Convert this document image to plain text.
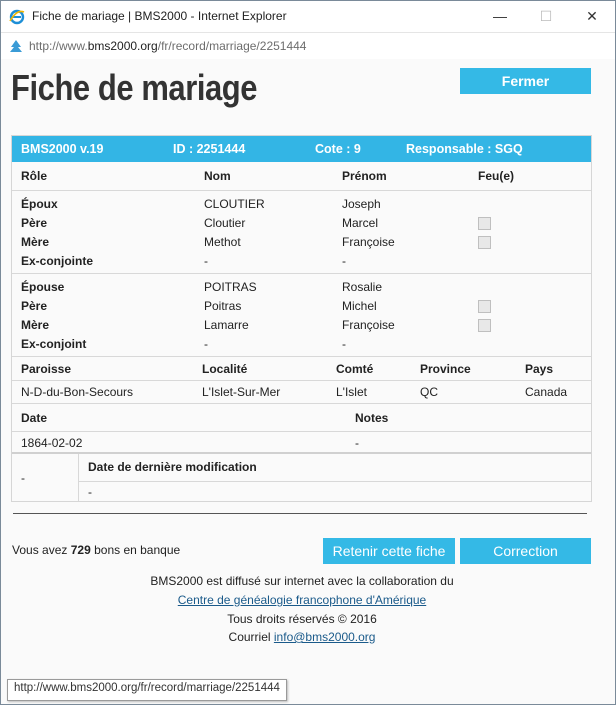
Fiche de mariage | BMS2000 - Internet Explorer	—	☐	✕
http://www.bms2000.org/fr/record/marriage/2251444
Fiche de mariage	Fermer
BMS2000 v.19	ID : 2251444	Cote : 9	Responsable : SGQ
Rôle	Nom	Prénom	Feu(e)
Époux	CLOUTIER	Joseph
Père	Cloutier	Marcel
Mère	Methot	Françoise
Ex-conjointe	-	-
Épouse	POITRAS	Rosalie
Père	Poitras	Michel
Mère	Lamarre	Françoise
Ex-conjoint	-	-
Paroisse	Localité	Comté	Province	Pays
N-D-du-Bon-Secours	L'Islet-Sur-Mer	L'Islet	QC	Canada
Date	Notes
1864-02-02	-
-
Date de dernière modification
-
Vous avez 729 bons en banque	Retenir cette fiche	Correction
BMS2000 est diffusé sur internet avec la collaboration du
Centre de généalogie francophone d'Amérique
Tous droits réservés © 2016
Courriel info@bms2000.org
http://www.bms2000.org/fr/record/marriage/2251444
